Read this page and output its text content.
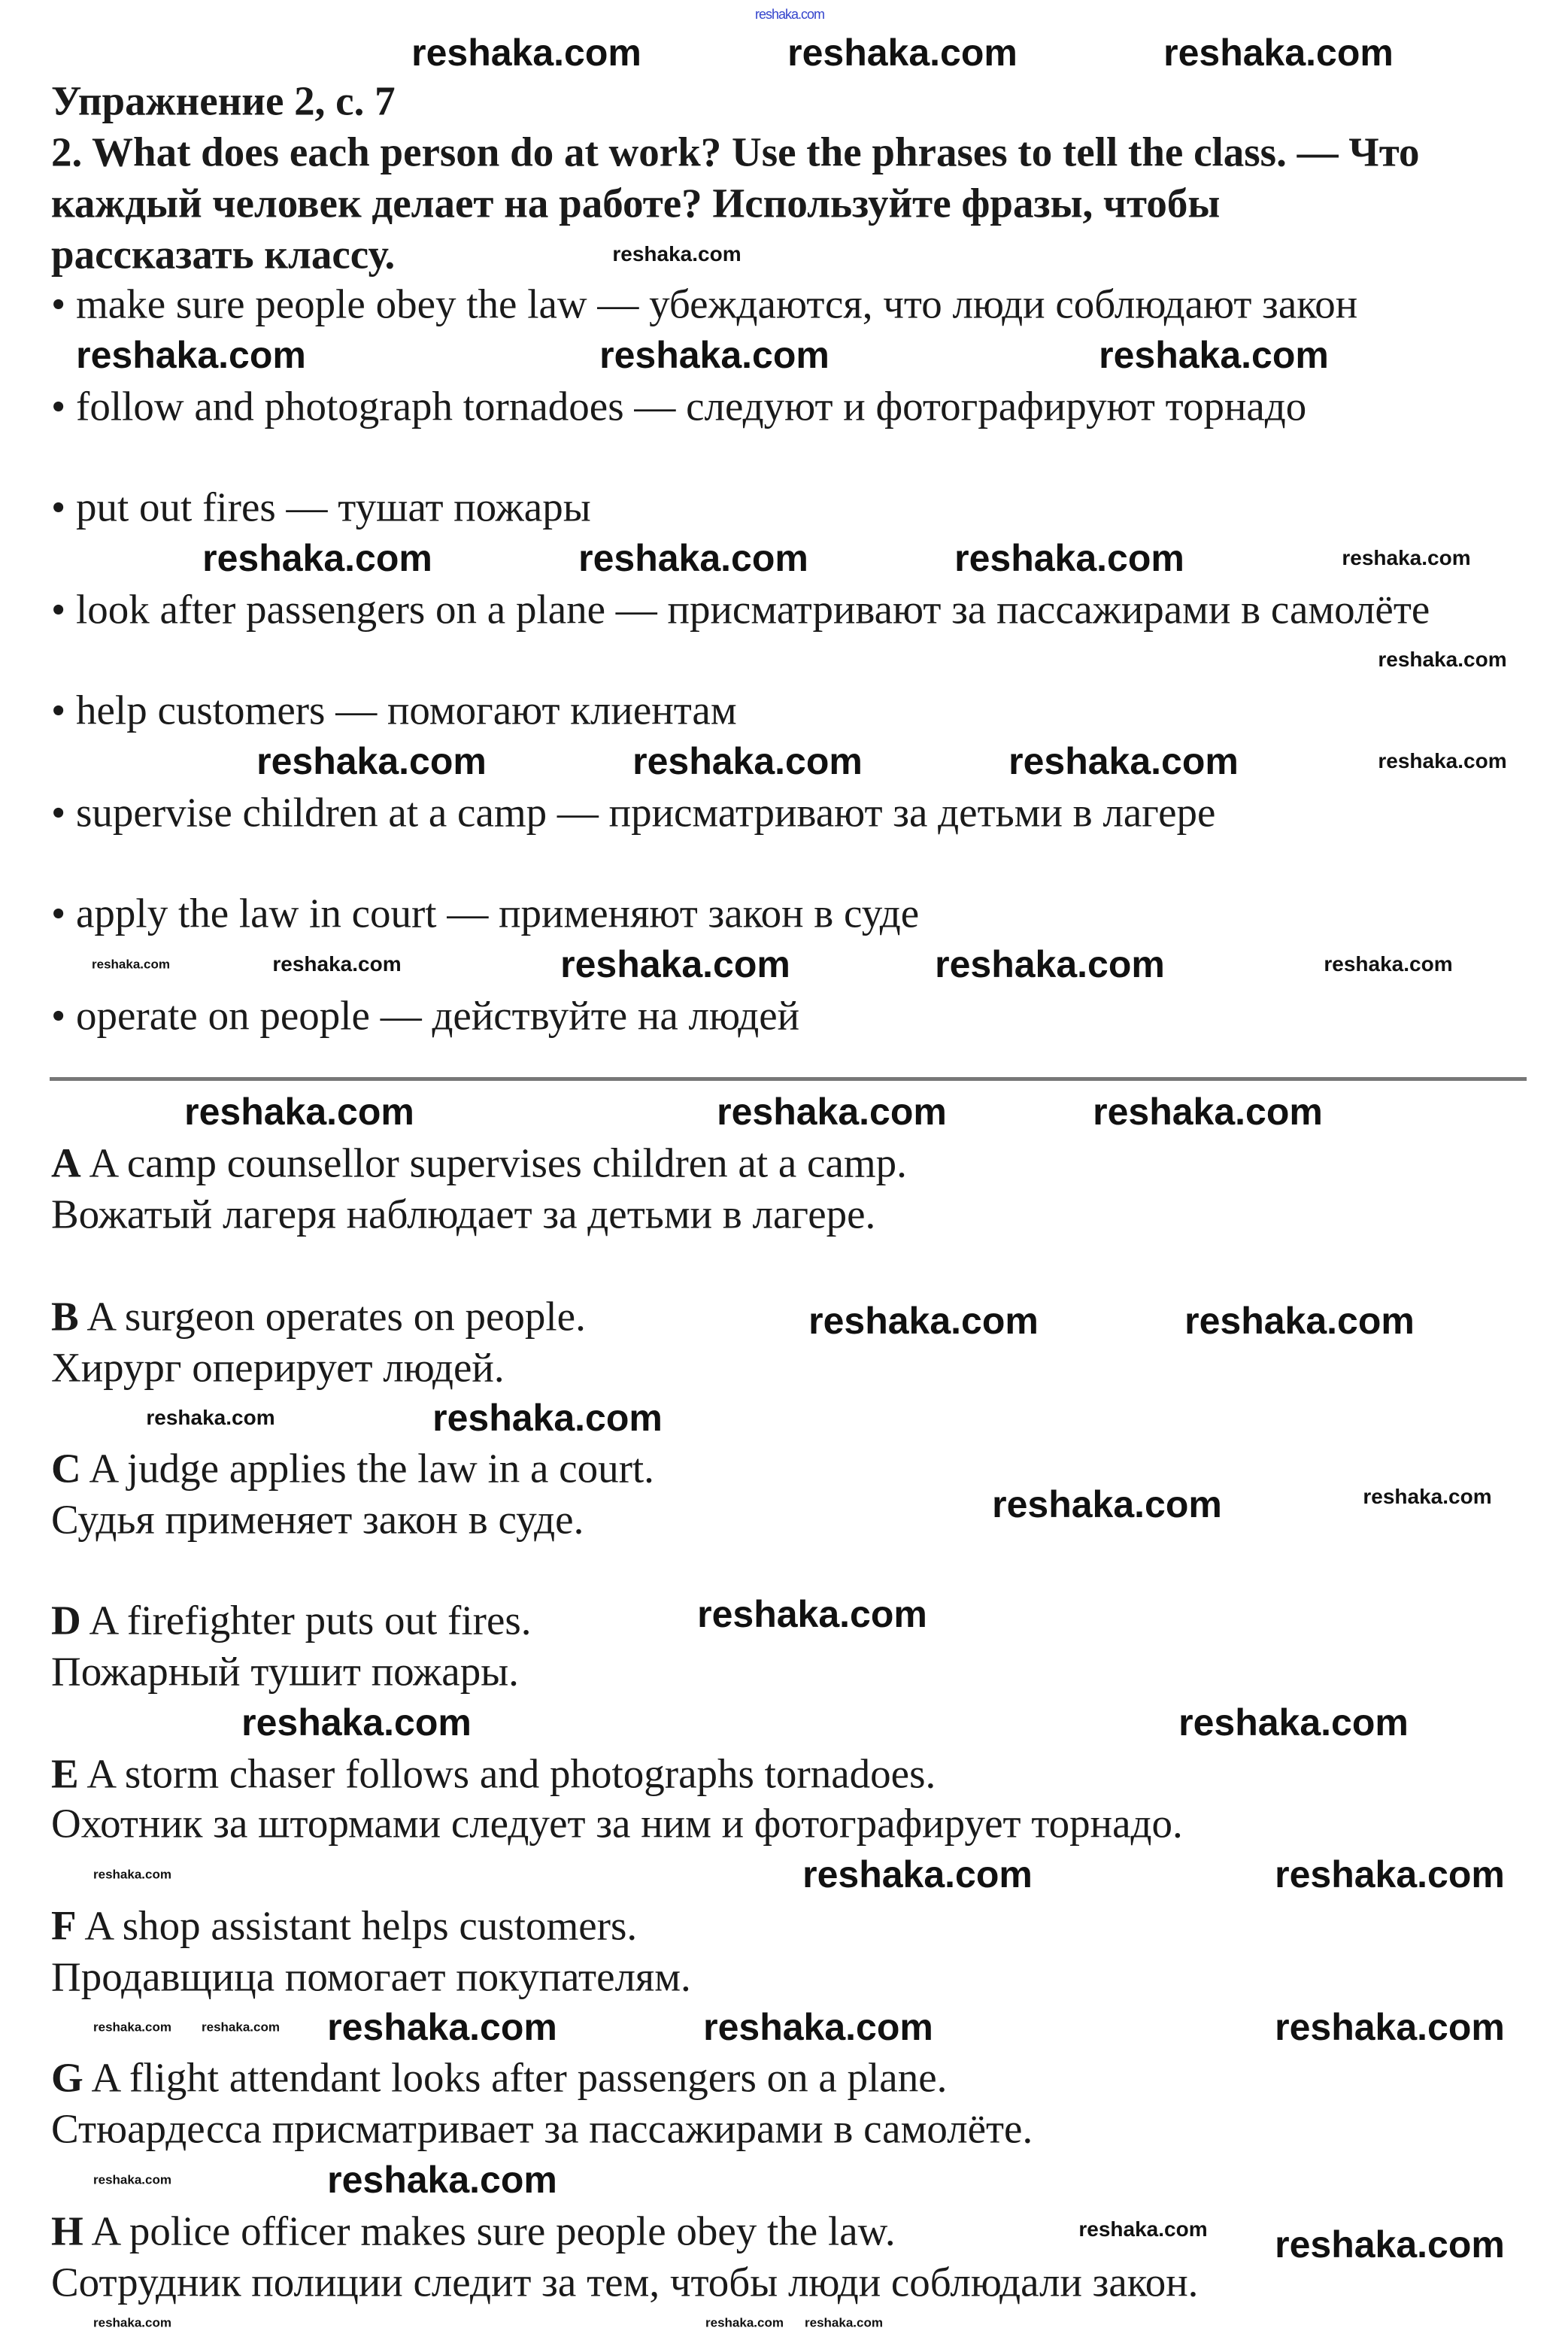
reshaka.com
Упражнение 2, с. 7
2. What does each person do at work? Use the phrases to tell the class. — Что
каждый человек делает на работе? Используйте фразы, чтобы
рассказать классу.
• make sure people obey the law — убеждаются, что люди соблюдают закон
• follow and photograph tornadoes — следуют и фотографируют торнадо
• put out fires — тушат пожары
• look after passengers on a plane — присматривают за пассажирами в самолёте
• help customers — помогают клиентам
• supervise children at a camp — присматривают за детьми в лагере
• apply the law in court — применяют закон в суде
• operate on people — действуйте на людей
A A camp counsellor supervises children at a camp.
Вожатый лагеря наблюдает за детьми в лагере.
B A surgeon operates on people.
Хирург оперирует людей.
C A judge applies the law in a court.
Судья применяет закон в суде.
D A firefighter puts out fires.
Пожарный тушит пожары.
E A storm chaser follows and photographs tornadoes.
Охотник за штормами следует за ним и фотографирует торнадо.
F A shop assistant helps customers.
Продавщица помогает покупателям.
G A flight attendant looks after passengers on a plane.
Стюардесса присматривает за пассажирами в самолёте.
H A police officer makes sure people obey the law.
Сотрудник полиции следит за тем, чтобы люди соблюдали закон.
reshaka.com	reshaka.com	reshaka.com
reshaka.com
reshaka.com	reshaka.com	reshaka.com
reshaka.com	reshaka.com	reshaka.com	reshaka.com
reshaka.com
reshaka.com	reshaka.com	reshaka.com	reshaka.com
reshaka.com	reshaka.com	reshaka.com	reshaka.com	reshaka.com
reshaka.com	reshaka.com	reshaka.com
reshaka.com	reshaka.com
reshaka.com	reshaka.com
reshaka.com	reshaka.com
reshaka.com
reshaka.com	reshaka.com
reshaka.com	reshaka.com
reshaka.com
reshaka.com	reshaka.com	reshaka.com	reshaka.com
reshaka.com
reshaka.com	reshaka.com
reshaka.com
reshaka.com reshaka.com
reshaka.com
reshaka.com
